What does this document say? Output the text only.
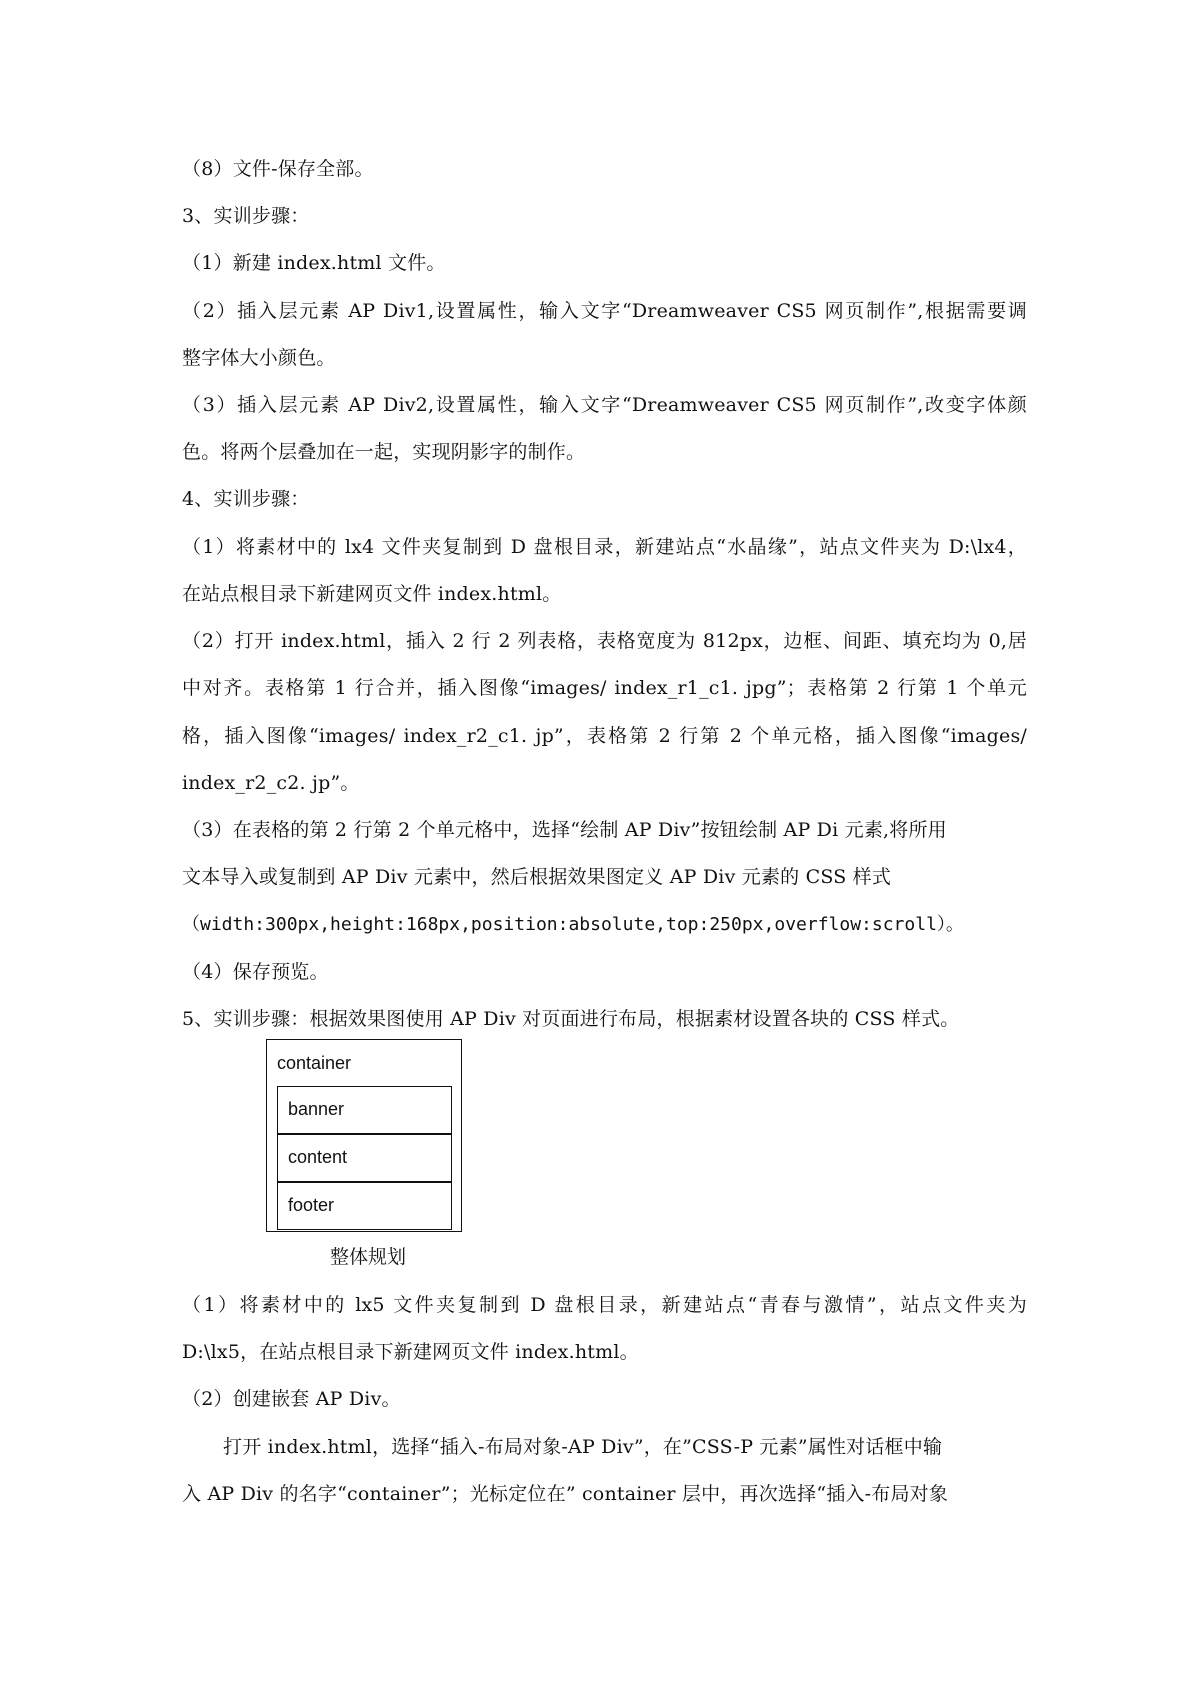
（8）文件-保存全部。
3、实训步骤：
（1）新建 index.html 文件。
（2）插入层元素 AP Div1,设置属性，输入文字“Dreamweaver CS5 网页制作”,根据需要调
整字体大小颜色。
（3）插入层元素 AP Div2,设置属性，输入文字“Dreamweaver CS5 网页制作”,改变字体颜
色。将两个层叠加在一起，实现阴影字的制作。
4、实训步骤：
（1）将素材中的 lx4 文件夹复制到 D 盘根目录，新建站点“水晶缘”，站点文件夹为 D:\lx4，
在站点根目录下新建网页文件 index.html。
（2）打开 index.html，插入 2 行 2 列表格，表格宽度为 812px，边框、间距、填充均为 0,居
中对齐。表格第 1 行合并，插入图像“images/ index_r1_c1. jpg”；表格第 2 行第 1 个单元
格，插入图像“images/ index_r2_c1. jp”，表格第 2 行第 2 个单元格，插入图像“images/
index_r2_c2. jp”。
（3）在表格的第 2 行第 2 个单元格中，选择“绘制 AP Div”按钮绘制 AP Di 元素,将所用
文本导入或复制到 AP Div 元素中，然后根据效果图定义 AP Div 元素的 CSS 样式
（width:300px,height:168px,position:absolute,top:250px,overflow:scroll）。
（4）保存预览。
5、实训步骤：根据效果图使用 AP Div 对页面进行布局，根据素材设置各块的 CSS 样式。
container
banner
content
footer
整体规划
（1）将素材中的 lx5 文件夹复制到 D 盘根目录，新建站点“青春与激情”，站点文件夹为
D:\lx5，在站点根目录下新建网页文件 index.html。
（2）创建嵌套 AP Div。
打开 index.html，选择“插入-布局对象-AP Div”，在”CSS-P 元素”属性对话框中输
入 AP Div 的名字“container”；光标定位在” container 层中，再次选择“插入-布局对象
